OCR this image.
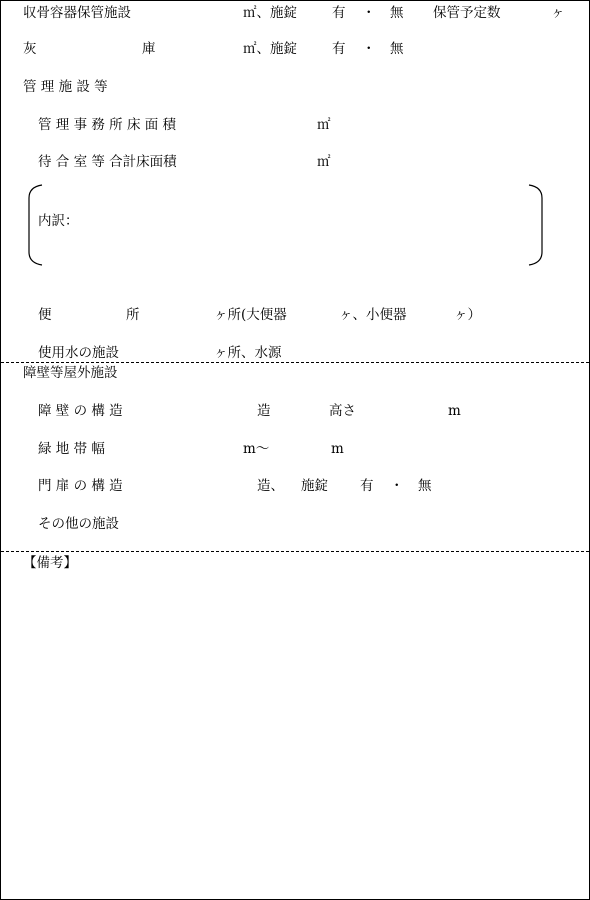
収骨容器保管施設	㎡、施錠	有 ・ 無 保管予定数	ヶ
灰	庫	㎡、施錠	有 ・ 無
管 理 施 設 等
管 理 事 務 所 床 面 積	㎡
待 合 室 等 合計床面積	㎡
内訳：
便	所	ヶ所(大便器	ヶ、小便器	ヶ）
使用水の施設	ヶ所、水源
障壁等屋外施設
障 壁 の 構 造	造	高さ	m
緑 地 帯 幅	m〜	m
門 扉 の 構 造	造、 施錠 有 ・ 無
その他の施設
【備考】
